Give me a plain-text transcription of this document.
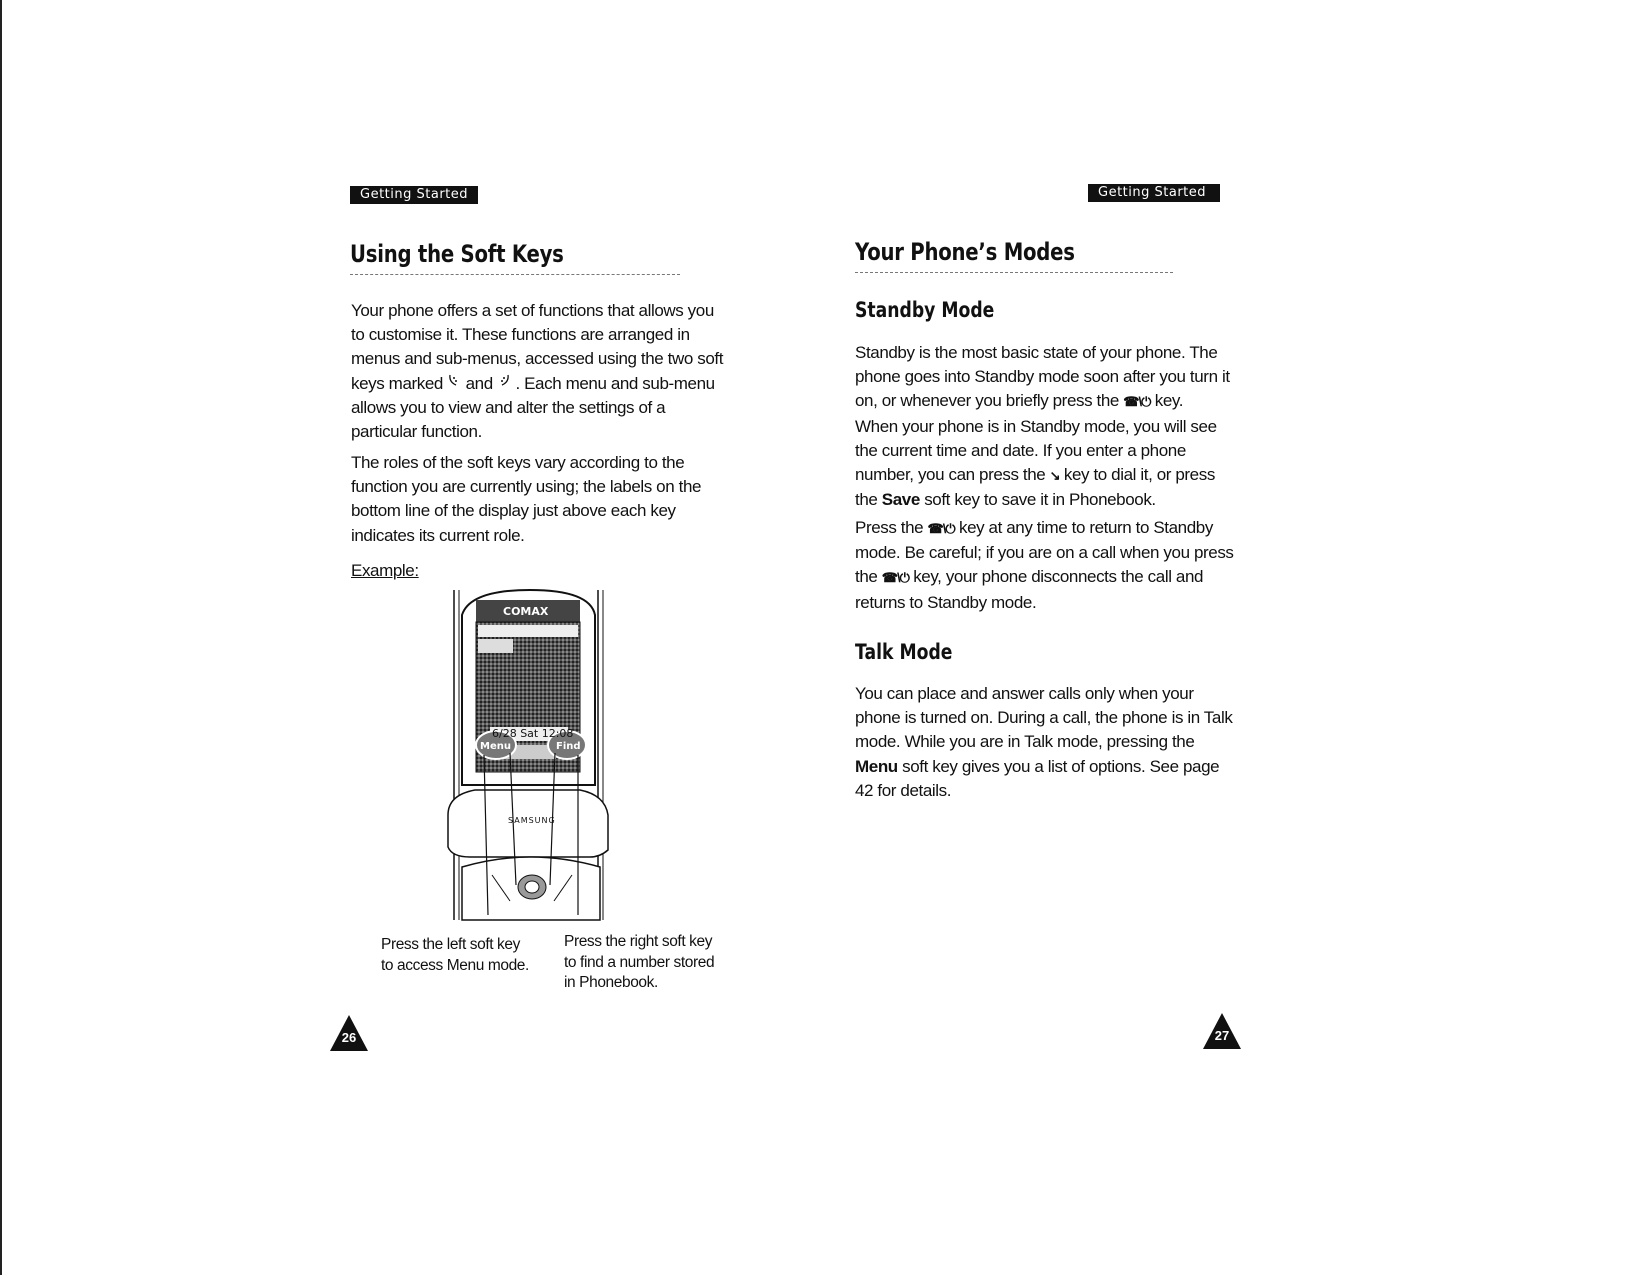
Getting Started
Using the Soft Keys
Your phone offers a set of functions that allows you
to customise it. These functions are arranged in
menus and sub-menus, accessed using the two soft
keys marked and . Each menu and sub-menu
allows you to view and alter the settings of a
particular function.
The roles of the soft keys vary according to the
function you are currently using; the labels on the
bottom line of the display just above each key
indicates its current role.
Example:
COMAX
6/28 Sat 12:08
Menu	Find
SAMSUNG
Press the left soft key
to access Menu mode.
Press the right soft key
to find a number stored
in Phonebook.
26
Getting Started
Your Phone’s Modes
Standby Mode
Standby is the most basic state of your phone. The
phone goes into Standby mode soon after you turn it
on, or whenever you briefly press the ☎\⏻ key.
When your phone is in Standby mode, you will see
the current time and date. If you enter a phone
number, you can press the ↘ key to dial it, or press
the Save soft key to save it in Phonebook.
Press the ☎\⏻ key at any time to return to Standby
mode. Be careful; if you are on a call when you press
the ☎\⏻ key, your phone disconnects the call and
returns to Standby mode.
Talk Mode
You can place and answer calls only when your
phone is turned on. During a call, the phone is in Talk
mode. While you are in Talk mode, pressing the
Menu soft key gives you a list of options. See page
42 for details.
27
